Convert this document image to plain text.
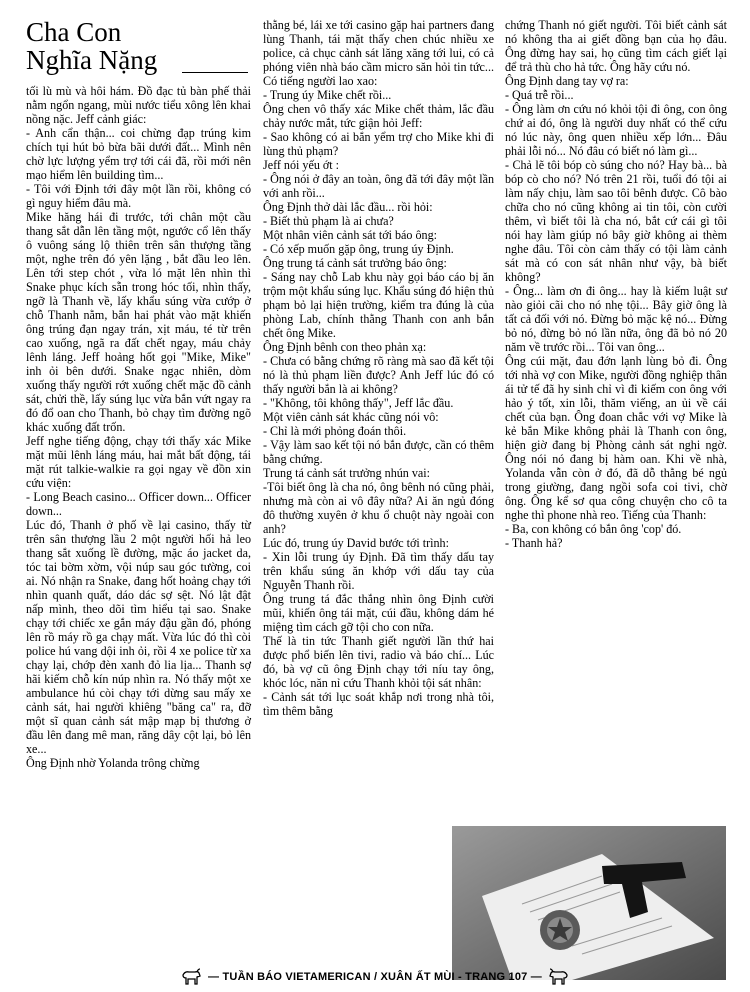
Cha Con
Nghĩa Nặng

tối lù mù và hôi hám. Đồ đạc tủ bàn phế thải nằm ngổn ngang, mùi nước tiểu xông lên khai nồng nặc. Jeff cảnh giác:

- Anh cẩn thận... coi chừng đạp trúng kim chích tụi hút bỏ bừa bãi dưới đất... Mình nên chờ lực lượng yểm trợ tới cái đã, rồi mới nên mạo hiểm lên building tìm...

- Tôi với Định tới đây một lần rồi, không có gì nguy hiểm đâu mà.

Mike hăng hái đi trước, tới chân một cầu thang sắt dẫn lên tầng một, ngước cổ lên thấy ô vuông sáng lộ thiên trên sân thượng tầng một, nghe trên đó yên lặng , bắt đầu leo lên. Lên tới step chót , vừa ló mặt lên nhìn thì Snake phục kích sẵn trong hóc tối, nhìn thấy, ngỡ là Thanh về, lấy khẩu súng vừa cướp ở chỗ Thanh nằm, bắn hai phát vào mặt khiến ông trúng đạn ngay trán, xịt máu, té từ trên cao xuống, ngã ra đất chết ngay, máu chảy lênh láng. Jeff hoảng hốt gọi "Mike, Mike" inh ỏi bên dưới. Snake ngạc nhiên, dòm xuống thấy người rớt xuống chết mặc đồ cảnh sát, chửi thề, lấy súng lục vừa bắn vứt ngay ra đó đổ oan cho Thanh, bỏ chạy tìm đường ngõ khác xuống đất trốn.

Jeff nghe tiếng động, chạy tới thấy xác Mike mặt mũi lênh láng máu, hai mắt bất động, tái mặt rút talkie-walkie ra gọi ngay về đồn xin cứu viện:

- Long Beach casino... Officer down... Officer down...

Lúc đó, Thanh ở phố về lại casino, thấy từ trên sân thượng lầu 2 một người hối hả leo thang sắt xuống lề đường, mặc áo jacket da, tóc tai bờm xờm, vội núp sau góc tường, coi ai. Nó nhận ra Snake, đang hốt hoảng chạy tới nhìn quanh quất, dáo dác sợ sệt. Nó lật đật nấp mình, theo dõi tìm hiểu tại sao. Snake chạy tới chiếc xe gắn máy đậu gần đó, phóng lên rồ máy rồ ga chạy mất. Vừa lúc đó thì còi police hú vang dội inh ỏi, rồi 4 xe police từ xa chạy lại, chớp đèn xanh đỏ lia lịa... Thanh sợ hãi kiếm chỗ kín núp nhìn ra. Nó thấy một xe ambulance hú còi chạy tới dừng sau mấy xe cảnh sát, hai người khiêng "băng ca" ra, đỡ một sĩ quan cảnh sát mập mạp bị thương ở đầu lên đang mê man, răng dây cột lại, bỏ lên xe...

Ông Định nhờ Yolanda trông chừng

thằng bé, lái xe tới casino gặp hai partners đang lùng Thanh, tái mặt thấy chen chúc nhiều xe police, cả chục cảnh sát lăng xăng tới lui, có cả phóng viên nhà báo cầm micro săn hỏi tin tức... Có tiếng người lao xao:

- Trung úy Mike chết rồi...

Ông chen vô thấy xác Mike chết thảm, lắc đầu chảy nước mắt, tức giận hỏi Jeff:

- Sao không có ai bắn yểm trợ cho Mike khi đi lùng thủ phạm?

Jeff nói yếu ớt :

- Ông nói ở đây an toàn, ông đã tới đây một lần với anh rồi...

Ông Định thở dài lắc đầu... rồi hỏi:

- Biết thủ phạm là ai chưa?

Một nhân viên cảnh sát tới báo ông:

- Có xếp muốn gặp ông, trung úy Định.

Ông trung tá cảnh sát trưởng báo ông:

- Sáng nay chỗ Lab khu này gọi báo cáo bị ăn trộm một khẩu súng lục. Khẩu súng đó hiện thủ phạm bỏ lại hiện trường, kiểm tra đúng là của phòng Lab, chính thằng Thanh con anh bắn chết ông Mike.

Ông Định bênh con theo phản xạ:

- Chưa có bằng chứng rõ ràng mà sao đã kết tội nó là thủ phạm liền được? Anh Jeff lúc đó có thấy người bắn là ai không?

- "Không, tôi không thấy", Jeff lắc đầu.

Một viên cảnh sát khác cũng nói vô:

- Chỉ là mới phỏng đoán thôi.

- Vậy làm sao kết tội nó bắn được, cần có thêm bằng chứng.

Trung tá cảnh sát trưởng nhún vai:

-Tôi biết ông là cha nó, ông bênh nó cũng phải, nhưng mà còn ai vô đây nữa? Ai ăn ngủ đóng đô thường xuyên ở khu ổ chuột này ngoài con anh?

Lúc đó, trung úy David bước tới trình:

- Xin lỗi trung úy Định. Đã tìm thấy dấu tay trên khẩu súng ăn khớp với dấu tay của Nguyễn Thanh rồi.

Ông trung tá đắc thắng nhìn ông Định cười mũi, khiến ông tái mặt, cúi đầu, không dám hé miệng tìm cách gỡ tội cho con nữa.

Thế là tin tức Thanh giết người lần thứ hai được phổ biến lên tivi, radio và báo chí... Lúc đó, bà vợ cũ ông Định chạy tới níu tay ông, khóc lóc, năn nỉ cứu Thanh khỏi tội sát nhân:

- Cảnh sát tới lục soát khắp nơi trong nhà tôi, tìm thêm bằng

chứng Thanh nó giết người. Tôi biết cảnh sát nó không tha ai giết đồng bạn của họ đâu. Ông đừng hay sai, họ cũng tìm cách giết lại để trả thù cho hả tức. Ông hãy cứu nó.

Ông Định dang tay vợ ra:

- Quá trễ rồi...

- Ông làm ơn cứu nó khỏi tội đi ông, con ông chứ ai đó, ông là người duy nhất có thể cứu nó lúc này, ông quen nhiều xếp lớn... Đâu phải lỗi nó... Nó đâu có biết nó làm gì...

- Chả lẽ tôi bóp cò súng cho nó? Hay bà... bà bóp cò cho nó? Nó trên 21 rồi, tuổi đó tội ai làm nấy chịu, làm sao tôi bênh được. Cô bào chữa cho nó cũng không ai tin tôi, còn cười thêm, vì biết tôi là cha nó, bắt cứ cái gì tôi nói hay làm giúp nó bây giờ không ai thèm nghe đâu. Tôi còn cảm thấy có tội làm cảnh sát mà có con sát nhân như vậy, bà biết không?

- Ông... làm ơn đi ông... hay là kiếm luật sư nào giỏi cãi cho nó nhẹ tội... Bây giờ ông là tất cả đối với nó. Đừng bỏ mặc kệ nó... Đừng bỏ nó, đừng bỏ nó lần nữa, ông đã bỏ nó 20 năm về trước rồi... Tôi van ông...

Ông cúi mặt, đau đớn lạnh lùng bỏ đi. Ông tới nhà vợ con Mike, người đồng nghiệp thân ái tử tế đã hy sinh chỉ vì đi kiếm con ông với hảo ý tốt, xin lỗi, thăm viếng, an ủi về cái chết của bạn. Ông đoan chắc với vợ Mike là kẻ bắn Mike không phải là Thanh con ông, hiện giờ đang bị Phòng cảnh sát nghi ngờ. Ông nói nó đang bị hàm oan. Khi về nhà, Yolanda vẫn còn ở đó, đã dỗ thằng bé ngủ trong giường, đang ngồi sofa coi tivi, chờ ông. Ông kể sơ qua công chuyện cho cô ta nghe thì phone nhà reo. Tiếng của Thanh:

- Ba, con không có bắn ông 'cop' đó.

- Thanh hả?

— TUẦN BÁO VIETAMERICAN / XUÂN ẤT MÙI - TRANG 107 —
